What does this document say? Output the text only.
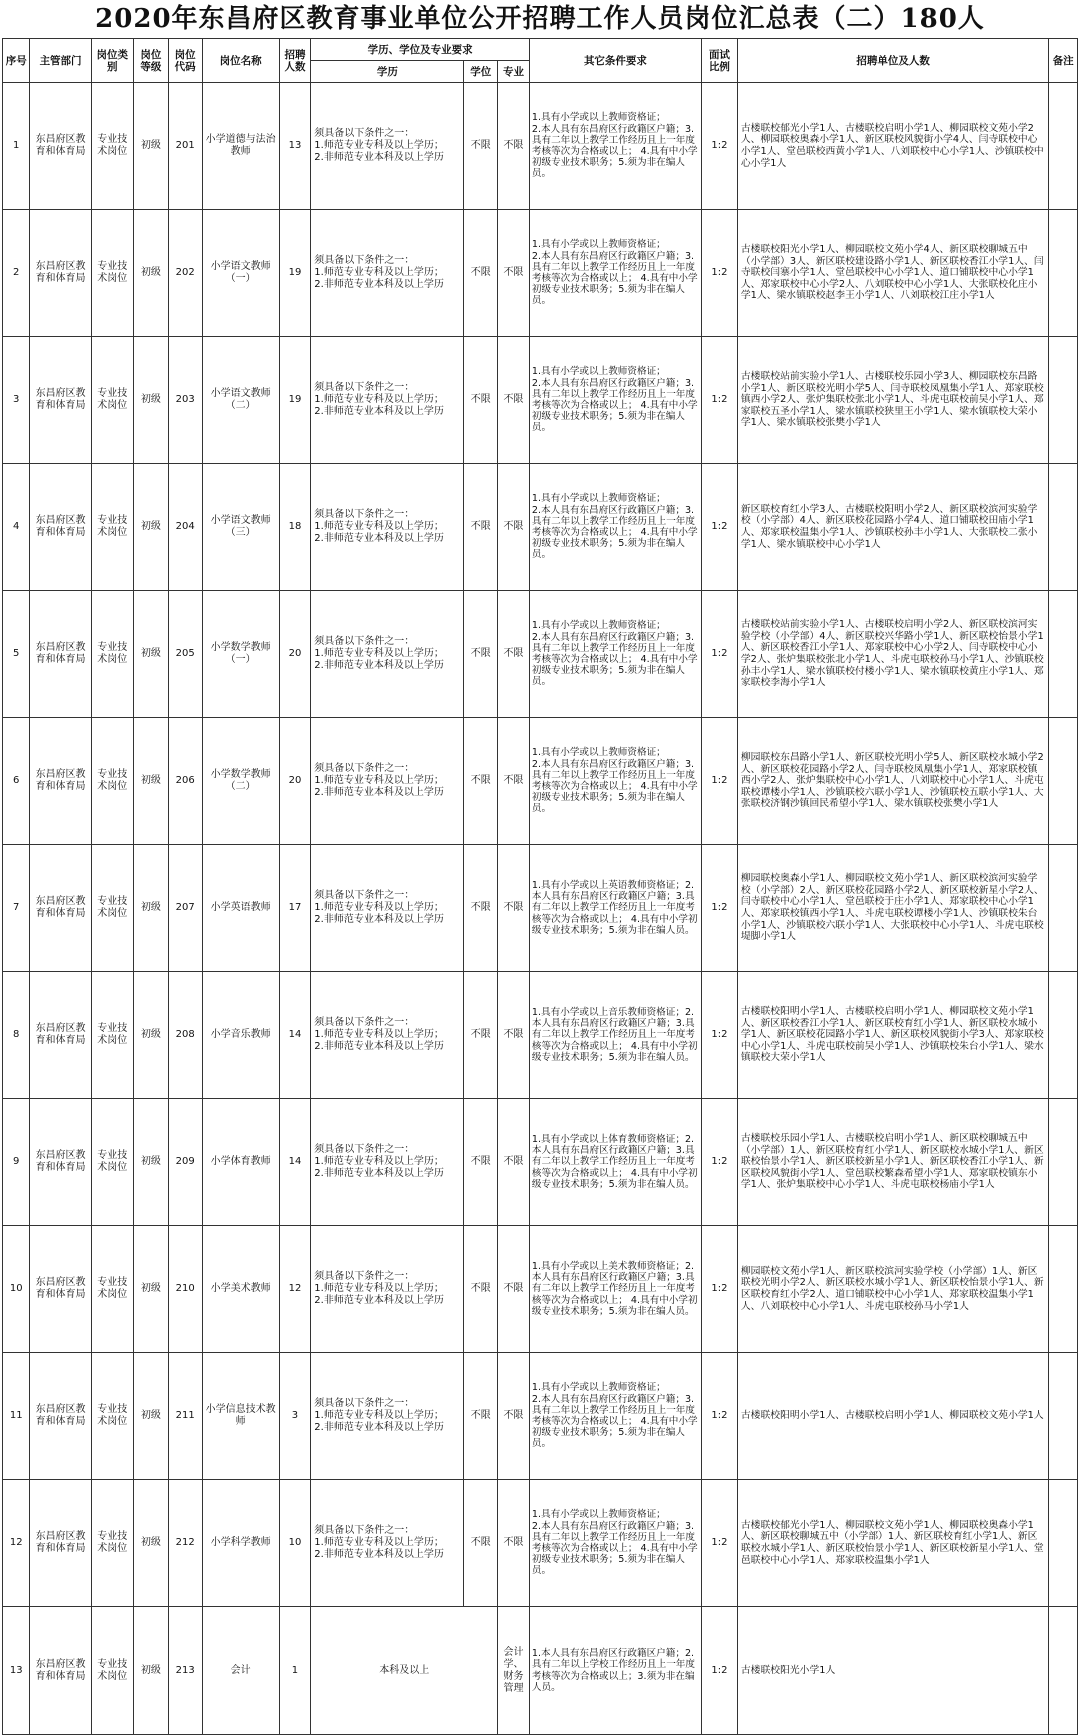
2020年东昌府区教育事业单位公开招聘工作人员岗位汇总表（二）180人
序号	主管部门	岗位类别	岗位等级	岗位代码	岗位名称	招聘人数	学历、学位及专业要求			其它条件要求	面试比例	招聘单位及人数	备注
							学历	学位	专业				
1	东昌府区教育和体育局	专业技术岗位	初级	201	小学道德与法治教师	13	须具备以下条件之一：
1.师范专业专科及以上学历；
2.非师范专业本科及以上学历	不限	不限	1.具有小学或以上教师资格证；
2.本人具有东昌府区行政籍区户籍；3.具有二年以上教学工作经历且上一年度考核等次为合格或以上； 4.具有中小学初级专业技术职务；5.须为非在编人员。	1:2	古楼联校郁光小学1人、古楼联校启明小学1人、柳园联校文苑小学2人、柳园联校奥森小学1人、新区联校风貌街小学4人、闫寺联校中心小学1人、堂邑联校西黄小学1人、八刘联校中心小学1人、沙镇联校中心小学1人	
2	东昌府区教育和体育局	专业技术岗位	初级	202	小学语文教师（一）	19	须具备以下条件之一：
1.师范专业专科及以上学历；
2.非师范专业本科及以上学历	不限	不限	1.具有小学或以上教师资格证；
2.本人具有东昌府区行政籍区户籍；3.具有二年以上教学工作经历且上一年度考核等次为合格或以上； 4.具有中小学初级专业技术职务；5.须为非在编人员。	1:2	古楼联校阳光小学1人、柳园联校文苑小学4人、新区联校聊城五中（小学部）3人、新区联校建设路小学1人、新区联校香江小学1人、闫寺联校闫寨小学1人、堂邑联校中心小学1人、道口铺联校中心小学1人、郑家联校中心小学2人、八刘联校中心小学1人、大张联校化庄小学1人、梁水镇联校赵李王小学1人、八刘联校江庄小学1人	
3	东昌府区教育和体育局	专业技术岗位	初级	203	小学语文教师（二）	19	须具备以下条件之一：
1.师范专业专科及以上学历；
2.非师范专业本科及以上学历	不限	不限	1.具有小学或以上教师资格证；
2.本人具有东昌府区行政籍区户籍；3.具有二年以上教学工作经历且上一年度考核等次为合格或以上； 4.具有中小学初级专业技术职务；5.须为非在编人员。	1:2	古楼联校站前实验小学1人、古楼联校乐园小学3人、柳园联校东昌路小学1人、新区联校光明小学5人、闫寺联校凤凰集小学1人、郑家联校镇西小学2人、张炉集联校张北小学1人、斗虎屯联校前吴小学1人、郑家联校五圣小学1人、梁水镇联校狭里王小学1人、梁水镇联校大荣小学1人、梁水镇联校张樊小学1人	
4	东昌府区教育和体育局	专业技术岗位	初级	204	小学语文教师（三）	18	须具备以下条件之一：
1.师范专业专科及以上学历；
2.非师范专业本科及以上学历	不限	不限	1.具有小学或以上教师资格证；
2.本人具有东昌府区行政籍区户籍；3.具有二年以上教学工作经历且上一年度考核等次为合格或以上； 4.具有中小学初级专业技术职务；5.须为非在编人员。	1:2	新区联校育红小学3人、古楼联校阳明小学2人、新区联校滨河实验学校（小学部）4人、新区联校花园路小学4人、道口铺联校田庙小学1人、郑家联校温集小学1人、沙镇联校孙丰小学1人、大张联校二张小学1人、梁水镇联校中心小学1人	
5	东昌府区教育和体育局	专业技术岗位	初级	205	小学数学教师（一）	20	须具备以下条件之一：
1.师范专业专科及以上学历；
2.非师范专业本科及以上学历	不限	不限	1.具有小学或以上教师资格证；
2.本人具有东昌府区行政籍区户籍；3.具有二年以上教学工作经历且上一年度考核等次为合格或以上； 4.具有中小学初级专业技术职务；5.须为非在编人员。	1:2	古楼联校站前实验小学1人、古楼联校启明小学2人、新区联校滨河实验学校（小学部）4人、新区联校兴华路小学1人、新区联校怡景小学1人、新区联校香江小学1人、郑家联校中心小学2人、闫寺联校中心小学2人、张炉集联校张北小学1人、斗虎屯联校孙马小学1人、沙镇联校孙丰小学1人、梁水镇联校付楼小学1人、梁水镇联校黄庄小学1人、郑家联校李海小学1人	
6	东昌府区教育和体育局	专业技术岗位	初级	206	小学数学教师（二）	20	须具备以下条件之一：
1.师范专业专科及以上学历；
2.非师范专业本科及以上学历	不限	不限	1.具有小学或以上教师资格证；
2.本人具有东昌府区行政籍区户籍；3.具有二年以上教学工作经历且上一年度考核等次为合格或以上； 4.具有中小学初级专业技术职务；5.须为非在编人员。	1:2	柳园联校东昌路小学1人、新区联校光明小学5人、新区联校水城小学2人、新区联校花园路小学2人、闫寺联校凤凰集小学1人、郑家联校镇西小学2人、张炉集联校中心小学1人、八刘联校中心小学1人、斗虎屯联校谭楼小学1人、沙镇联校六联小学1人、沙镇联校五联小学1人、大张联校济钢沙镇回民希望小学1人、梁水镇联校张樊小学1人	
7	东昌府区教育和体育局	专业技术岗位	初级	207	小学英语教师	17	须具备以下条件之一：
1.师范专业专科及以上学历；
2.非师范专业本科及以上学历	不限	不限	1.具有小学或以上英语教师资格证；2.本人具有东昌府区行政籍区户籍；3.具有二年以上教学工作经历且上一年度考核等次为合格或以上； 4.具有中小学初级专业技术职务；5.须为非在编人员。	1:2	柳园联校奥森小学1人、柳园联校文苑小学1人、新区联校滨河实验学校（小学部）2人、新区联校花园路小学2人、新区联校新星小学2人、闫寺联校中心小学1人、堂邑联校于庄小学1人、郑家联校中心小学1人、郑家联校镇西小学1人、斗虎屯联校谭楼小学1人、沙镇联校朱台小学1人、沙镇联校六联小学1人、大张联校中心小学1人、斗虎屯联校堤脚小学1人	
8	东昌府区教育和体育局	专业技术岗位	初级	208	小学音乐教师	14	须具备以下条件之一：
1.师范专业专科及以上学历；
2.非师范专业本科及以上学历	不限	不限	1.具有小学或以上音乐教师资格证；2.本人具有东昌府区行政籍区户籍；3.具有二年以上教学工作经历且上一年度考核等次为合格或以上； 4.具有中小学初级专业技术职务；5.须为非在编人员。	1:2	古楼联校阳明小学1人、古楼联校启明小学1人、柳园联校文苑小学1人、新区联校香江小学1人、新区联校育红小学1人、新区联校水城小学1人、新区联校花园路小学1人、新区联校风貌街小学3人、郑家联校中心小学1人、斗虎屯联校前吴小学1人、沙镇联校朱台小学1人、梁水镇联校大荣小学1人	
9	东昌府区教育和体育局	专业技术岗位	初级	209	小学体育教师	14	须具备以下条件之一：
1.师范专业专科及以上学历；
2.非师范专业本科及以上学历	不限	不限	1.具有小学或以上体育教师资格证；2.本人具有东昌府区行政籍区户籍；3.具有二年以上教学工作经历且上一年度考核等次为合格或以上； 4.具有中小学初级专业技术职务；5.须为非在编人员。	1:2	古楼联校乐园小学1人、古楼联校启明小学1人、新区联校聊城五中（小学部）1人、新区联校育红小学1人、新区联校水城小学1人、新区联校怡景小学1人、新区联校新星小学1人、新区联校香江小学1人、新区联校风貌街小学1人、堂邑联校繁森希望小学1人、郑家联校镇东小学1人、张炉集联校中心小学1人、斗虎屯联校杨庙小学1人	
10	东昌府区教育和体育局	专业技术岗位	初级	210	小学美术教师	12	须具备以下条件之一：
1.师范专业专科及以上学历；
2.非师范专业本科及以上学历	不限	不限	1.具有小学或以上美术教师资格证；2.本人具有东昌府区行政籍区户籍；3.具有二年以上教学工作经历且上一年度考核等次为合格或以上； 4.具有中小学初级专业技术职务；5.须为非在编人员。	1:2	柳园联校文苑小学1人、新区联校滨河实验学校（小学部）1人、新区联校光明小学2人、新区联校水城小学1人、新区联校怡景小学1人、新区联校育红小学2人、道口铺联校中心小学1人、郑家联校温集小学1人、八刘联校中心小学1人、斗虎屯联校孙马小学1人	
11	东昌府区教育和体育局	专业技术岗位	初级	211	小学信息技术教师	3	须具备以下条件之一：
1.师范专业专科及以上学历；
2.非师范专业本科及以上学历	不限	不限	1.具有小学或以上教师资格证；
2.本人具有东昌府区行政籍区户籍；3.具有二年以上教学工作经历且上一年度考核等次为合格或以上； 4.具有中小学初级专业技术职务；5.须为非在编人员。	1:2	古楼联校阳明小学1人、古楼联校启明小学1人、柳园联校文苑小学1人	
12	东昌府区教育和体育局	专业技术岗位	初级	212	小学科学教师	10	须具备以下条件之一：
1.师范专业专科及以上学历；
2.非师范专业本科及以上学历	不限	不限	1.具有小学或以上教师资格证；
2.本人具有东昌府区行政籍区户籍；3.具有二年以上教学工作经历且上一年度考核等次为合格或以上； 4.具有中小学初级专业技术职务；5.须为非在编人员。	1:2	古楼联校郁光小学1人、柳园联校文苑小学1人、柳园联校奥森小学1人、新区联校聊城五中（小学部）1人、新区联校育红小学1人、新区联校水城小学1人、新区联校怡景小学1人、新区联校新星小学1人、堂邑联校中心小学1人、郑家联校温集小学1人	
13	东昌府区教育和体育局	专业技术岗位	初级	213	会计	1	本科及以上		会计学、财务管理	1.本人具有东昌府区行政籍区户籍；2.具有二年以上学校工作经历且上一年度考核等次为合格或以上；3.须为非在编人员。	1:2	古楼联校阳光小学1人	
